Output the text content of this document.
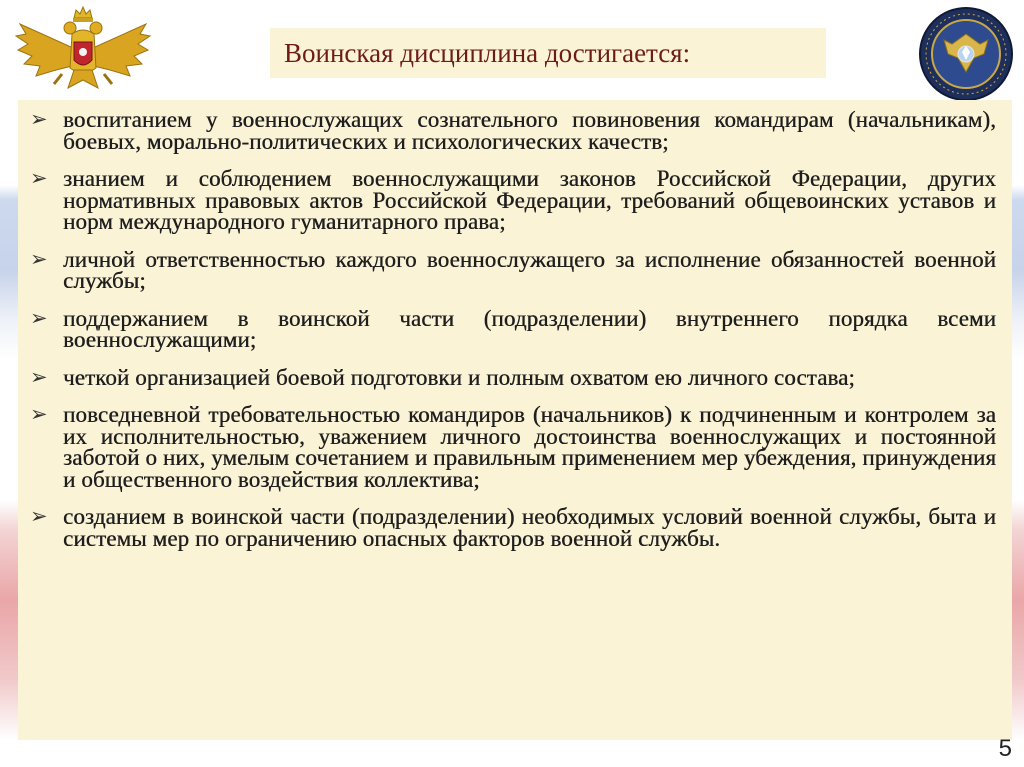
Воинская дисциплина достигается:
➢ воспитанием у военнослужащих сознательного повиновения командирам (начальникам), боевых, морально-политических и психологических качеств;
➢ знанием и соблюдением военнослужащими законов Российской Федерации, других нормативных правовых актов Российской Федерации, требований общевоинских уставов и норм международного гуманитарного права;
➢ личной ответственностью каждого военнослужащего за исполнение обязанностей военной службы;
➢ поддержанием в воинской части (подразделении) внутреннего порядка всеми военнослужащими;
➢ четкой организацией боевой подготовки и полным охватом ею личного состава;
➢ повседневной требовательностью командиров (начальников) к подчиненным и контролем за их исполнительностью, уважением личного достоинства военнослужащих и постоянной заботой о них, умелым сочетанием и правильным применением мер убеждения, принуждения и общественного воздействия коллектива;
➢ созданием в воинской части (подразделении) необходимых условий военной службы, быта и системы мер по ограничению опасных факторов военной службы.
5
